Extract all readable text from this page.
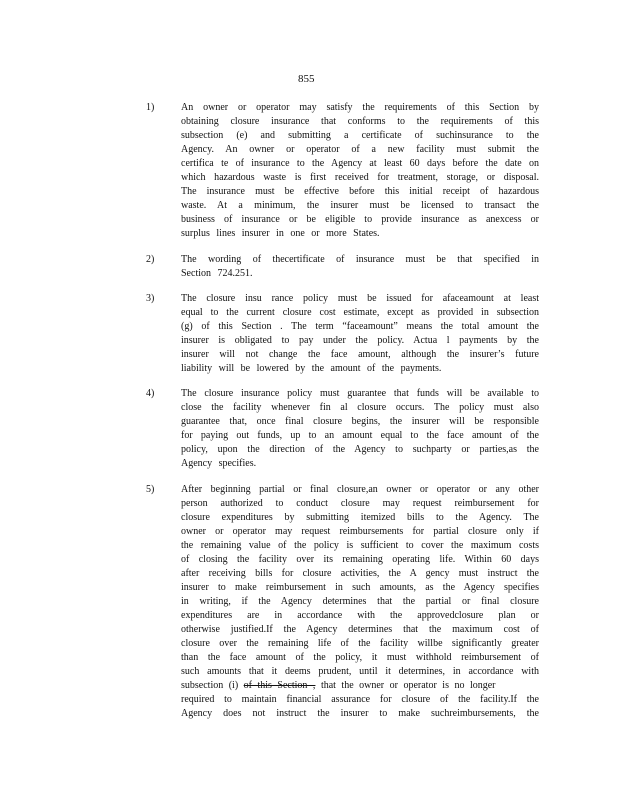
855
1)	An owner or operator may satisfy the requirements of this Section by
obtaining closure insurance that conforms to the requirements of this
subsection (e) and submitting a certificate of suchinsurance to the
Agency. An owner or operator of a new facility must submit the
certifica te of insurance to the Agency at least 60 days before the date on
which hazardous waste is first received for treatment, storage, or disposal.
The insurance must be effective before this initial receipt of hazardous
waste. At a minimum, the insurer must be licensed to transact the
business of insurance or be eligible to provide insurance as anexcess or
surplus lines insurer in one or more States.
2)	The wording of thecertificate of insurance must be that specified in
Section 724.251.
3)	The closure insu rance policy must be issued for afaceamount at least
equal to the current closure cost estimate, except as provided in subsection
(g) of this Section . The term “faceamount” means the total amount the
insurer is obligated to pay under the policy. Actua l payments by the
insurer will not change the face amount, although the insurer’s future
liability will be lowered by the amount of the payments.
4)	The closure insurance policy must guarantee that funds will be available to
close the facility whenever fin al closure occurs. The policy must also
guarantee that, once final closure begins, the insurer will be responsible
for paying out funds, up to an amount equal to the face amount of the
policy, upon the direction of the Agency to suchparty or parties,as the
Agency specifies.
5)	After beginning partial or final closure,an owner or operator or any other
person authorized to conduct closure may request reimbursement for
closure expenditures by submitting itemized bills to the Agency. The
owner or operator may request reimbursements for partial closure only if
the remaining value of the policy is sufficient to cover the maximum costs
of closing the facility over its remaining operating life. Within 60 days
after receiving bills for closure activities, the A gency must instruct the
insurer to make reimbursement in such amounts, as the Agency specifies
in writing, if the Agency determines that the partial or final closure
expenditures are in accordance with the approvedclosure plan or
otherwise justified.If the Agency determines that the maximum cost of
closure over the remaining life of the facility willbe significantly greater
than the face amount of the policy, it must withhold reimbursement of
such amounts that it deems prudent, until it determines, in accordance with
subsection (i) of this Section , that the owner or operator is no longer
required to maintain financial assurance for closure of the facility.If the
Agency does not instruct the insurer to make suchreimbursements, the
